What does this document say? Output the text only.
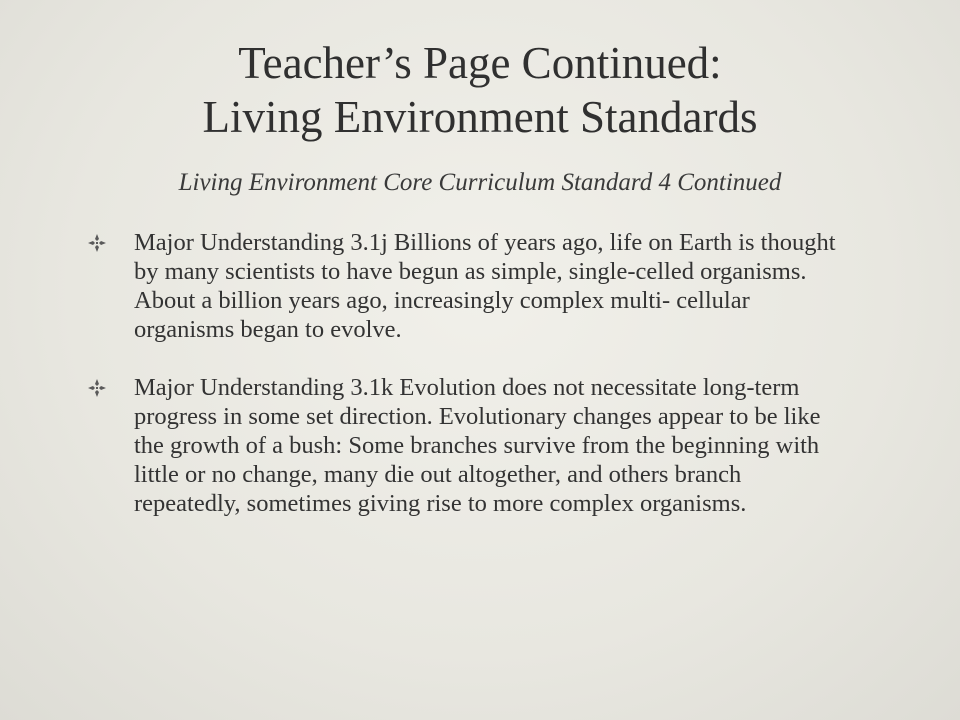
Teacher’s Page Continued:
Living Environment Standards
Living Environment Core Curriculum Standard 4 Continued
Major Understanding 3.1j Billions of years ago, life on Earth is thought by many scientists to have begun as simple, single-celled organisms. About a billion years ago, increasingly complex multi- cellular organisms began to evolve.
Major Understanding 3.1k Evolution does not necessitate long-term progress in some set direction. Evolutionary changes appear to be like the growth of a bush: Some branches survive from the beginning with little or no change, many die out altogether, and others branch repeatedly, sometimes giving rise to more complex organisms.
